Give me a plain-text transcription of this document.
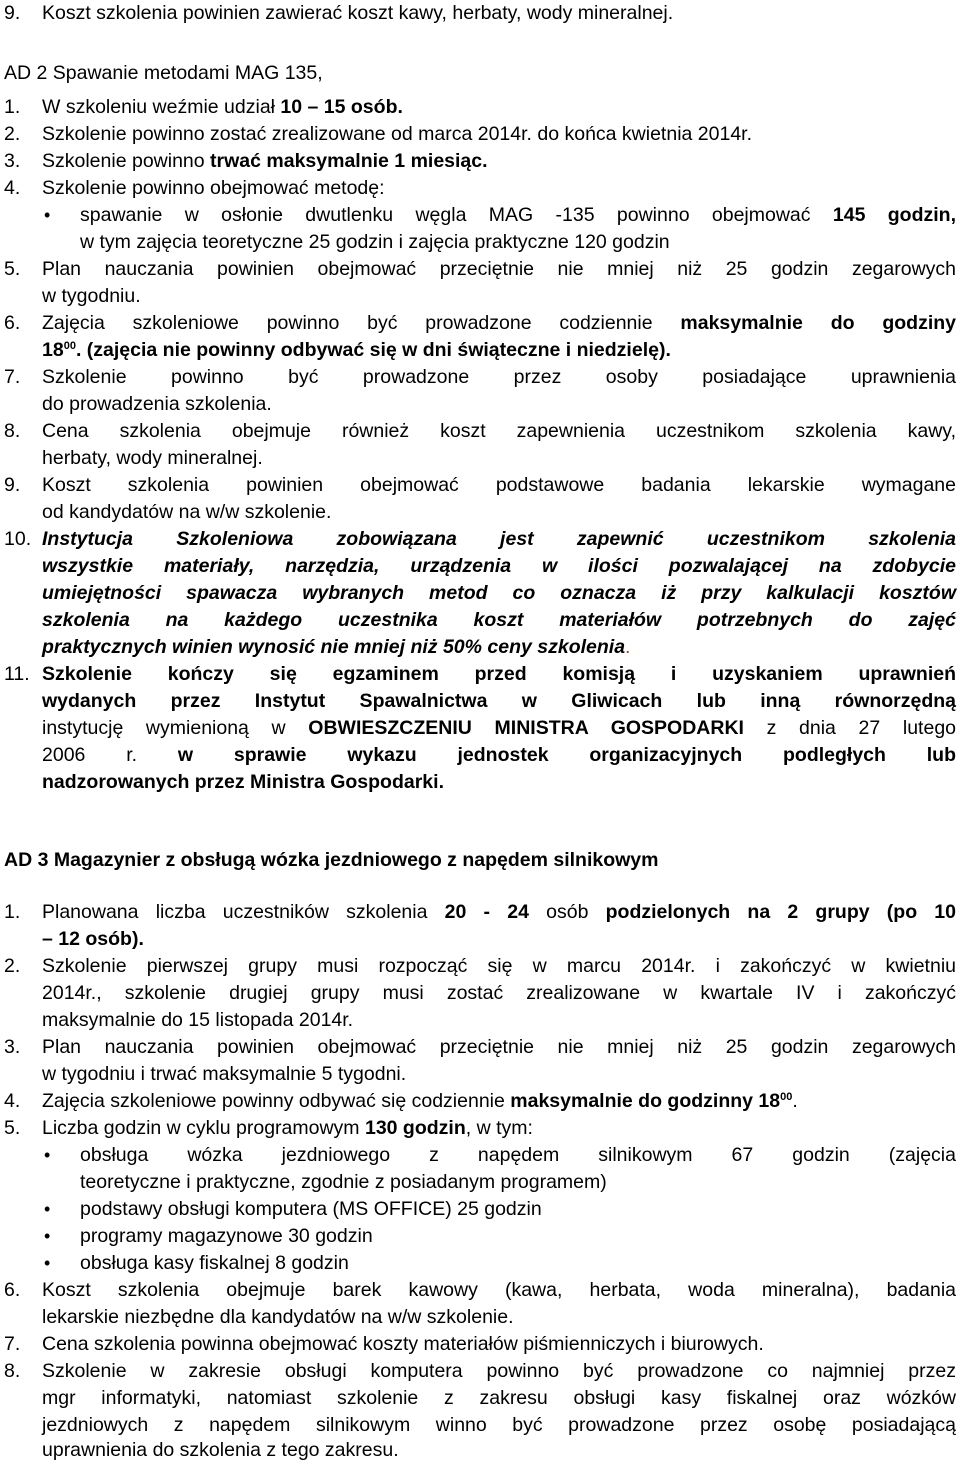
9. Koszt szkolenia powinien zawierać koszt kawy, herbaty, wody mineralnej.
AD 2 Spawanie metodami MAG 135,
1. W szkoleniu weźmie udział 10 – 15 osób.
2. Szkolenie powinno zostać zrealizowane od marca 2014r. do końca kwietnia 2014r.
3. Szkolenie powinno trwać maksymalnie 1 miesiąc.
4. Szkolenie powinno obejmować metodę:
• spawanie w osłonie dwutlenku węgla MAG -135 powinno obejmować 145 godzin,
w tym zajęcia teoretyczne 25 godzin i zajęcia praktyczne 120 godzin
5. Plan nauczania powinien obejmować przeciętnie nie mniej niż 25 godzin zegarowych
w tygodniu.
6. Zajęcia szkoleniowe powinno być prowadzone codziennie maksymalnie do godziny
$18^{00}$. (zajęcia nie powinny odbywać się w dni świąteczne i niedzielę).
7. Szkolenie powinno być prowadzone przez osoby posiadające uprawnienia
do prowadzenia szkolenia.
8. Cena szkolenia obejmuje również koszt zapewnienia uczestnikom szkolenia kawy,
herbaty, wody mineralnej.
9. Koszt szkolenia powinien obejmować podstawowe badania lekarskie wymagane
od kandydatów na w/w szkolenie.
10. Instytucja Szkoleniowa zobowiązana jest zapewnić uczestnikom szkolenia
wszystkie materiały, narzędzia, urządzenia w ilości pozwalającej na zdobycie
umiejętności spawacza wybranych metod co oznacza iż przy kalkulacji kosztów
szkolenia na każdego uczestnika koszt materiałów potrzebnych do zajęć
praktycznych winien wynosić nie mniej niż 50% ceny szkolenia.
11. Szkolenie kończy się egzaminem przed komisją i uzyskaniem uprawnień
wydanych przez Instytut Spawalnictwa w Gliwicach lub inną równorzędną
instytucję wymienioną w OBWIESZCZENIU MINISTRA GOSPODARKI z dnia 27 lutego
2006 r. w sprawie wykazu jednostek organizacyjnych podległych lub
nadzorowanych przez Ministra Gospodarki.
AD 3 Magazynier z obsługą wózka jezdniowego z napędem silnikowym
1. Planowana liczba uczestników szkolenia 20 - 24 osób podzielonych na 2 grupy (po 10
– 12 osób).
2. Szkolenie pierwszej grupy musi rozpocząć się w marcu 2014r. i zakończyć w kwietniu
2014r., szkolenie drugiej grupy musi zostać zrealizowane w kwartale IV i zakończyć
maksymalnie do 15 listopada 2014r.
3. Plan nauczania powinien obejmować przeciętnie nie mniej niż 25 godzin zegarowych
w tygodniu i trwać maksymalnie 5 tygodni.
4. Zajęcia szkoleniowe powinny odbywać się codziennie maksymalnie do godzinny $18^{00}$.
5. Liczba godzin w cyklu programowym 130 godzin, w tym:
• obsługa wózka jezdniowego z napędem silnikowym 67 godzin (zajęcia
teoretyczne i praktyczne, zgodnie z posiadanym programem)
• podstawy obsługi komputera (MS OFFICE) 25 godzin
• programy magazynowe 30 godzin
• obsługa kasy fiskalnej 8 godzin
6. Koszt szkolenia obejmuje barek kawowy (kawa, herbata, woda mineralna), badania
lekarskie niezbędne dla kandydatów na w/w szkolenie.
7. Cena szkolenia powinna obejmować koszty materiałów piśmienniczych i biurowych.
8. Szkolenie w zakresie obsługi komputera powinno być prowadzone co najmniej przez
mgr informatyki, natomiast szkolenie z zakresu obsługi kasy fiskalnej oraz wózków
jezdniowych z napędem silnikowym winno być prowadzone przez osobę posiadającą
uprawnienia do szkolenia z tego zakresu.
